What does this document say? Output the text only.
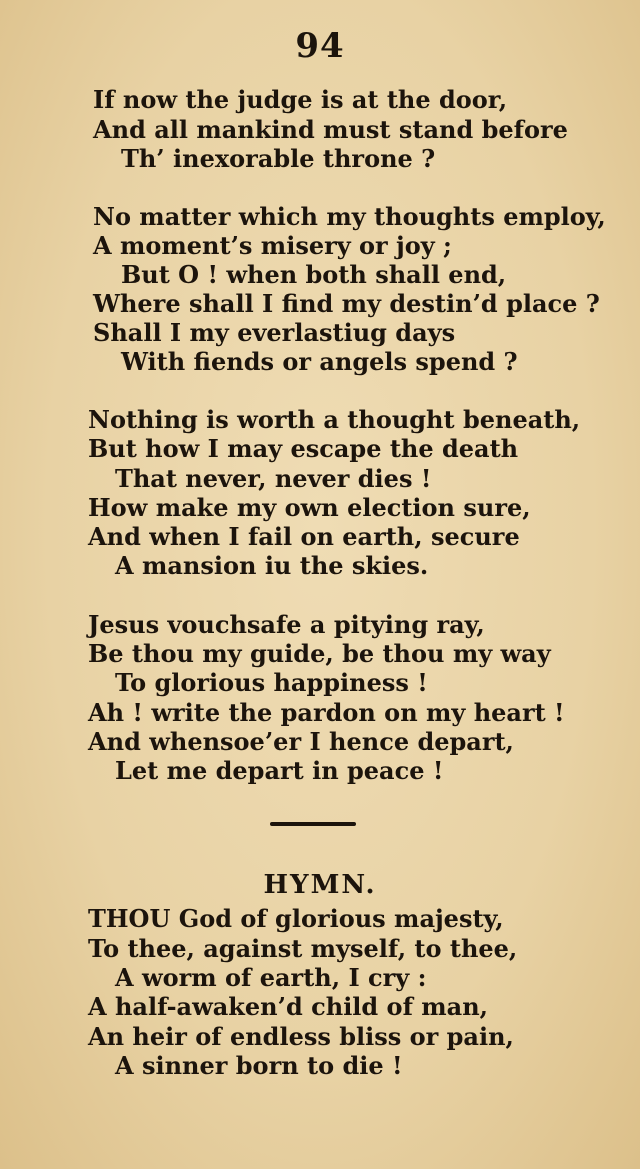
94
If now the judge is at the door,
And all mankind must stand before
Th’ inexorable throne ?
No matter which my thoughts employ,
A moment’s misery or joy ;
But O ! when both shall end,
Where shall I find my destin’d place ?
Shall I my everlastiug days
With fiends or angels spend ?
Nothing is worth a thought beneath,
But how I may escape the death
That never, never dies !
How make my own election sure,
And when I fail on earth, secure
A mansion iu the skies.
Jesus vouchsafe a pitying ray,
Be thou my guide, be thou my way
To glorious happiness !
Ah ! write the pardon on my heart !
And whensoe’er I hence depart,
Let me depart in peace !
HYMN.
THOU God of glorious majesty,
To thee, against myself, to thee,
A worm of earth, I cry :
A half-awaken’d child of man,
An heir of endless bliss or pain,
A sinner born to die !
